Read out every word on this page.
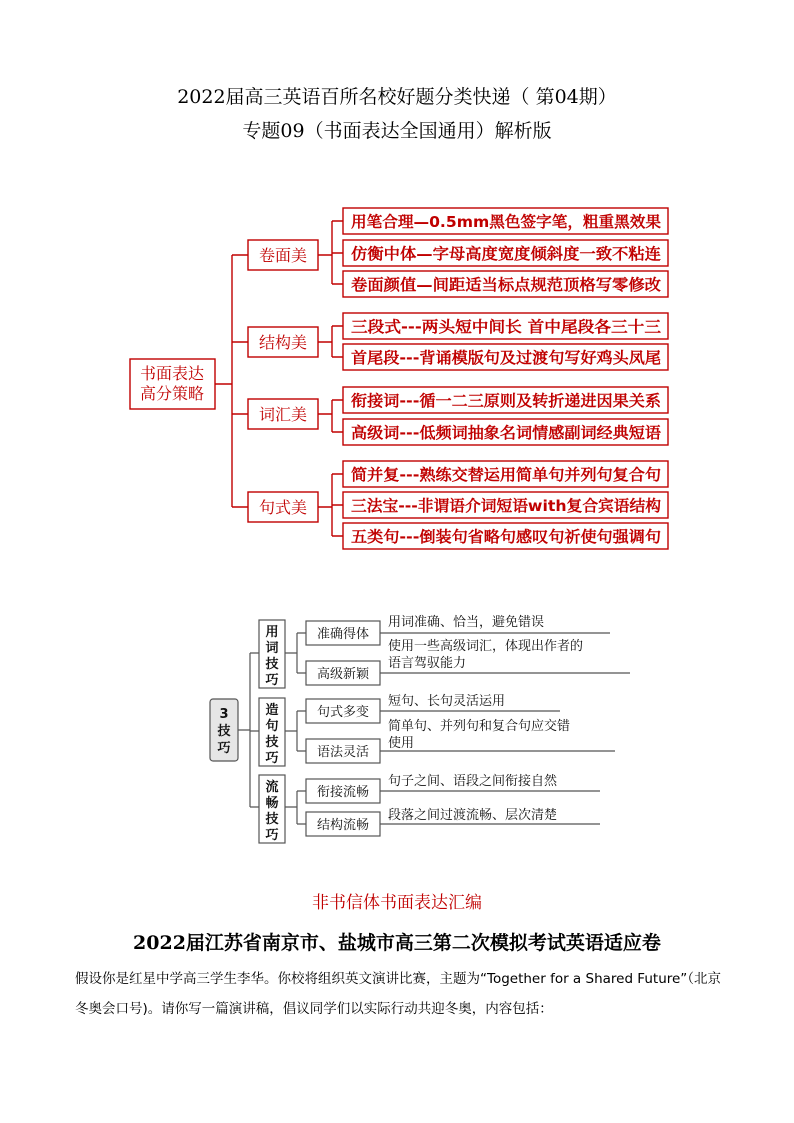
2022届高三英语百所名校好题分类快递（ 第04期）
专题09（书面表达全国通用）解析版
书面表达
高分策略
卷面美
结构美
词汇美
句式美
用笔合理—0.5mm黑色签字笔，粗重黑效果
仿衡中体—字母高度宽度倾斜度一致不粘连
卷面颜值—间距适当标点规范顶格写零修改
三段式---两头短中间长 首中尾段各三十三
首尾段---背诵模版句及过渡句写好鸡头凤尾
衔接词---循一二三原则及转折递进因果关系
高级词---低频词抽象名词情感副词经典短语
简并复---熟练交替运用简单句并列句复合句
三法宝---非谓语介词短语with复合宾语结构
五类句---倒装句省略句感叹句祈使句强调句
3
技
巧
用
词
技
巧
造
句
技
巧
流
畅
技
巧
准确得体
高级新颖
句式多变
语法灵活
衔接流畅
结构流畅
用词准确、恰当，避免错误
使用一些高级词汇，体现出作者的
语言驾驭能力
短句、长句灵活运用
简单句、并列句和复合句应交错
使用
句子之间、语段之间衔接自然
段落之间过渡流畅、层次清楚
非书信体书面表达汇编
2022届江苏省南京市、盐城市高三第二次模拟考试英语适应卷
假设你是红星中学高三学生李华。你校将组织英文演讲比赛，主题为“Together for a Shared Future”（北京
冬奥会口号)。请你写一篇演讲稿，倡议同学们以实际行动共迎冬奥，内容包括：
